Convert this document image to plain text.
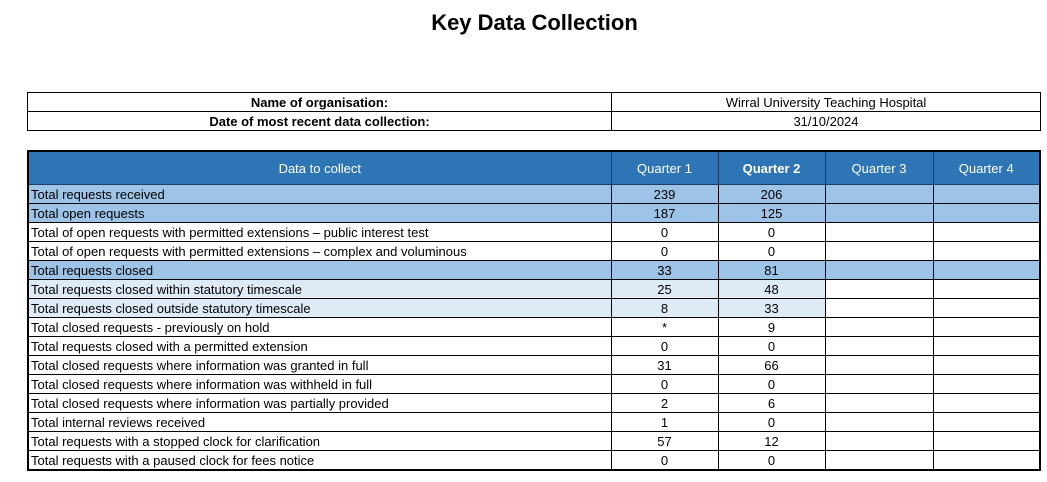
Key Data Collection
Name of organisation:	Wirral University Teaching Hospital
Date of most recent data collection:	31/10/2024
Data to collect	Quarter 1	Quarter 2	Quarter 3	Quarter 4
Total requests received	239	206		
Total open requests	187	125		
Total of open requests with permitted extensions – public interest test	0	0		
Total of open requests with permitted extensions – complex and voluminous	0	0		
Total requests closed	33	81		
Total requests closed within statutory timescale	25	48		
Total requests closed outside statutory timescale	8	33		
Total closed requests - previously on hold	*	9		
Total requests closed with a permitted extension	0	0		
Total closed requests where information was granted in full	31	66		
Total closed requests where information was withheld in full	0	0		
Total closed requests where information was partially provided	2	6		
Total internal reviews received	1	0		
Total requests with a stopped clock for clarification	57	12		
Total requests with a paused clock for fees notice	0	0		
